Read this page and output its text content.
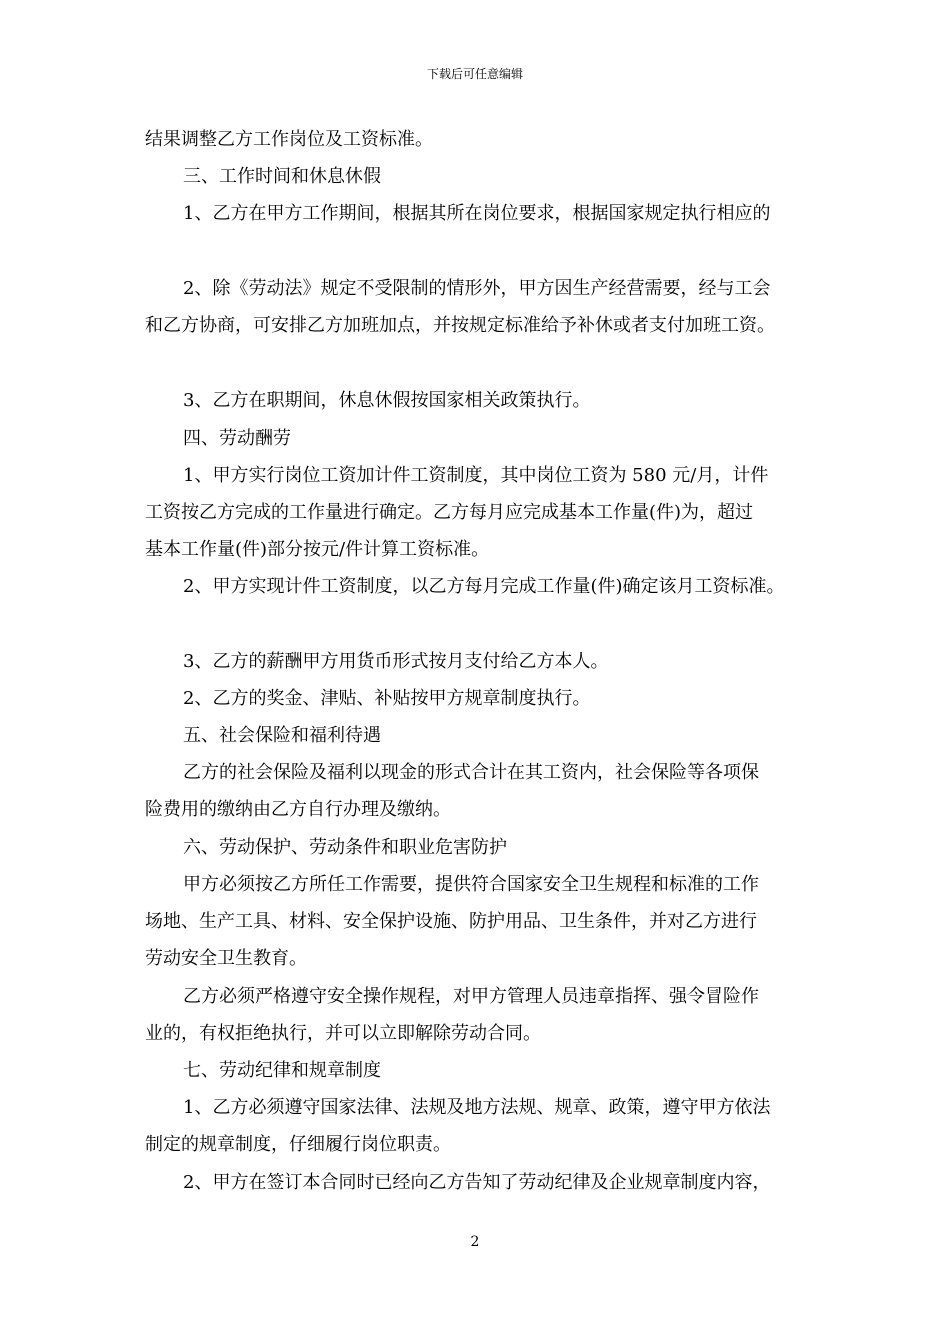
下载后可任意编辑
结果调整乙方工作岗位及工资标准。
三、工作时间和休息休假
1、乙方在甲方工作期间，根据其所在岗位要求，根据国家规定执行相应的
2、除《劳动法》规定不受限制的情形外，甲方因生产经营需要，经与工会
和乙方协商，可安排乙方加班加点，并按规定标准给予补休或者支付加班工资。
3、乙方在职期间，休息休假按国家相关政策执行。
四、劳动酬劳
1、甲方实行岗位工资加计件工资制度，其中岗位工资为 580 元/月，计件
工资按乙方完成的工作量进行确定。乙方每月应完成基本工作量(件)为，超过
基本工作量(件)部分按元/件计算工资标准。
2、甲方实现计件工资制度，以乙方每月完成工作量(件)确定该月工资标准。
3、乙方的薪酬甲方用货币形式按月支付给乙方本人。
2、乙方的奖金、津贴、补贴按甲方规章制度执行。
五、社会保险和福利待遇
乙方的社会保险及福利以现金的形式合计在其工资内，社会保险等各项保
险费用的缴纳由乙方自行办理及缴纳。
六、劳动保护、劳动条件和职业危害防护
甲方必须按乙方所任工作需要，提供符合国家安全卫生规程和标准的工作
场地、生产工具、材料、安全保护设施、防护用品、卫生条件，并对乙方进行
劳动安全卫生教育。
乙方必须严格遵守安全操作规程，对甲方管理人员违章指挥、强令冒险作
业的，有权拒绝执行，并可以立即解除劳动合同。
七、劳动纪律和规章制度
1、乙方必须遵守国家法律、法规及地方法规、规章、政策，遵守甲方依法
制定的规章制度，仔细履行岗位职责。
2、甲方在签订本合同时已经向乙方告知了劳动纪律及企业规章制度内容，
2
